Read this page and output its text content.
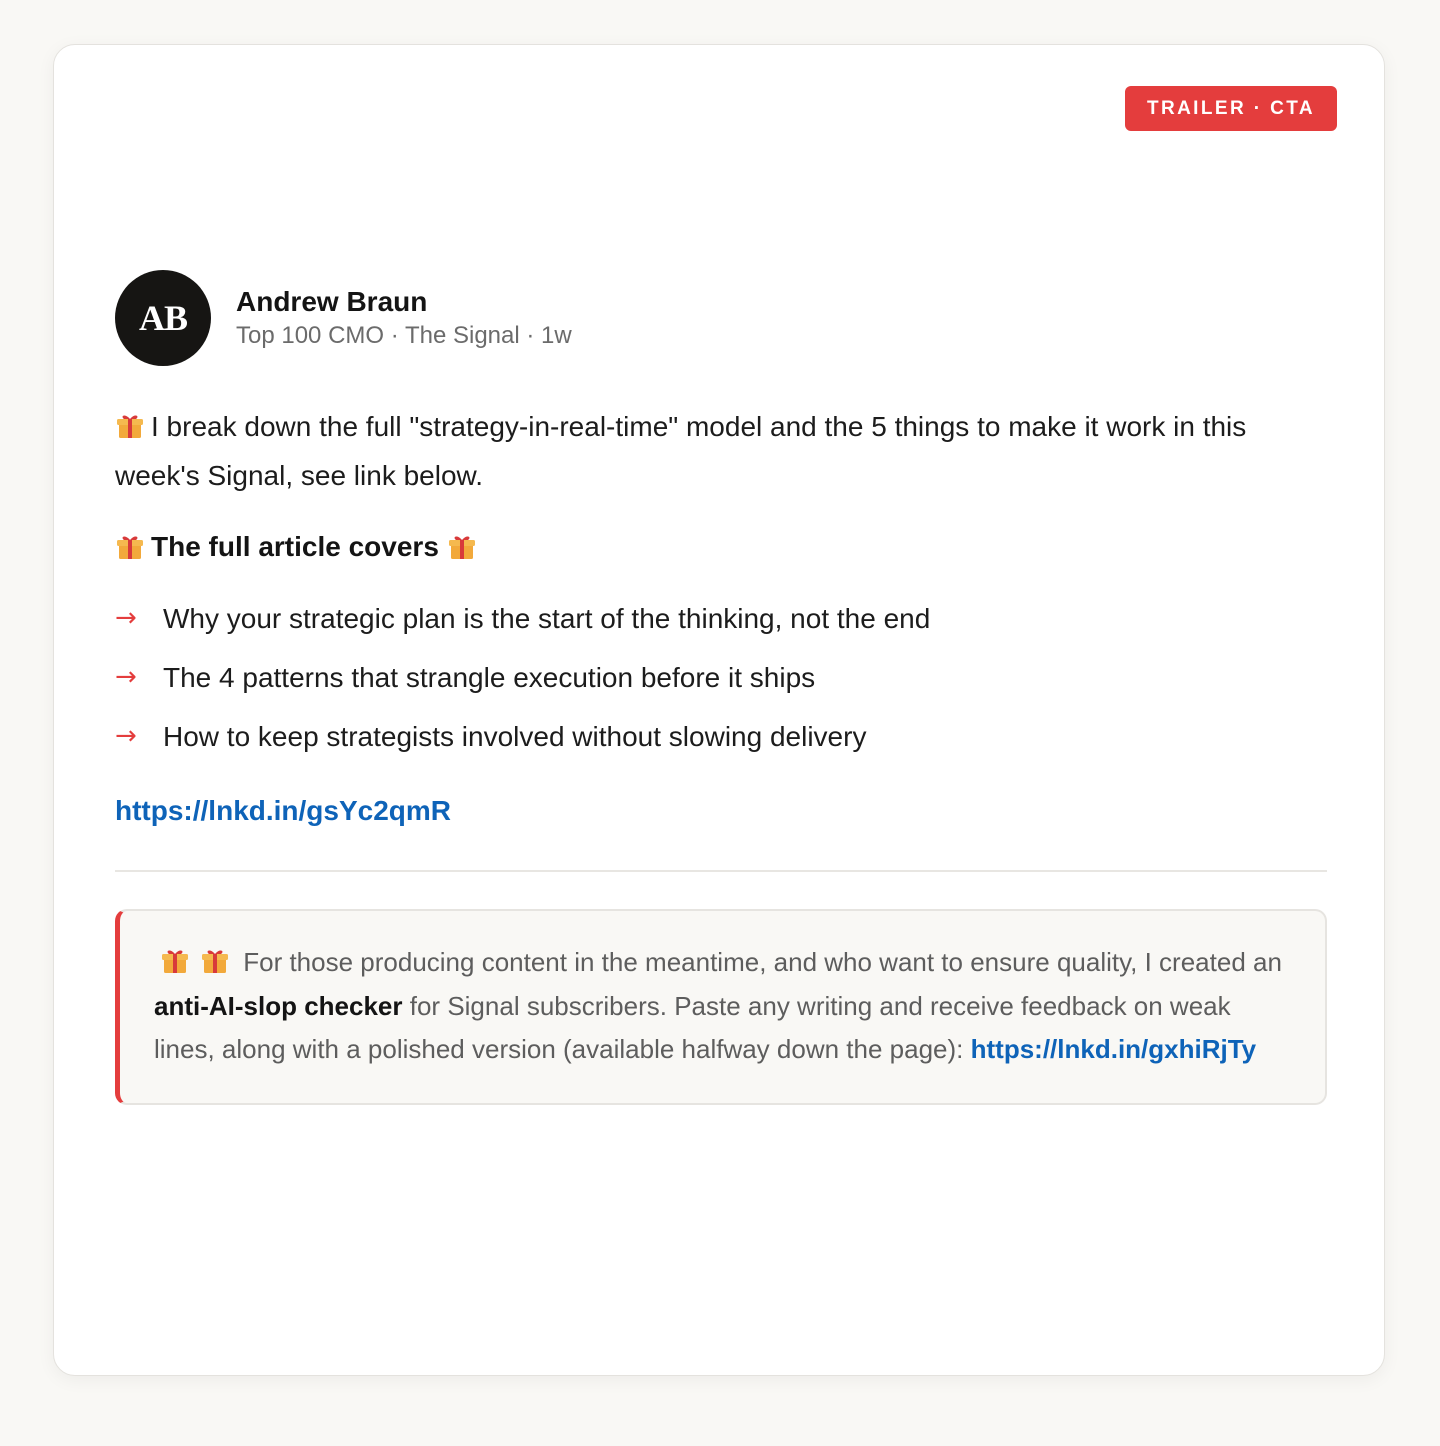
TRAILER · CTA
AB	Andrew Braun
Top 100 CMO · The Signal · 1w

I break down the full "strategy-in-real-time" model and the 5 things to make it work in this week's Signal, see link below.

The full article covers
→ Why your strategic plan is the start of the thinking, not the end
→ The 4 patterns that strangle execution before it ships
→ How to keep strategists involved without slowing delivery
https://lnkd.in/gsYc2qmR
For those producing content in the meantime, and who want to ensure quality, I created an anti-AI-slop checker for Signal subscribers. Paste any writing and receive feedback on weak lines, along with a polished version (available halfway down the page): https://lnkd.in/gxhiRjTy
